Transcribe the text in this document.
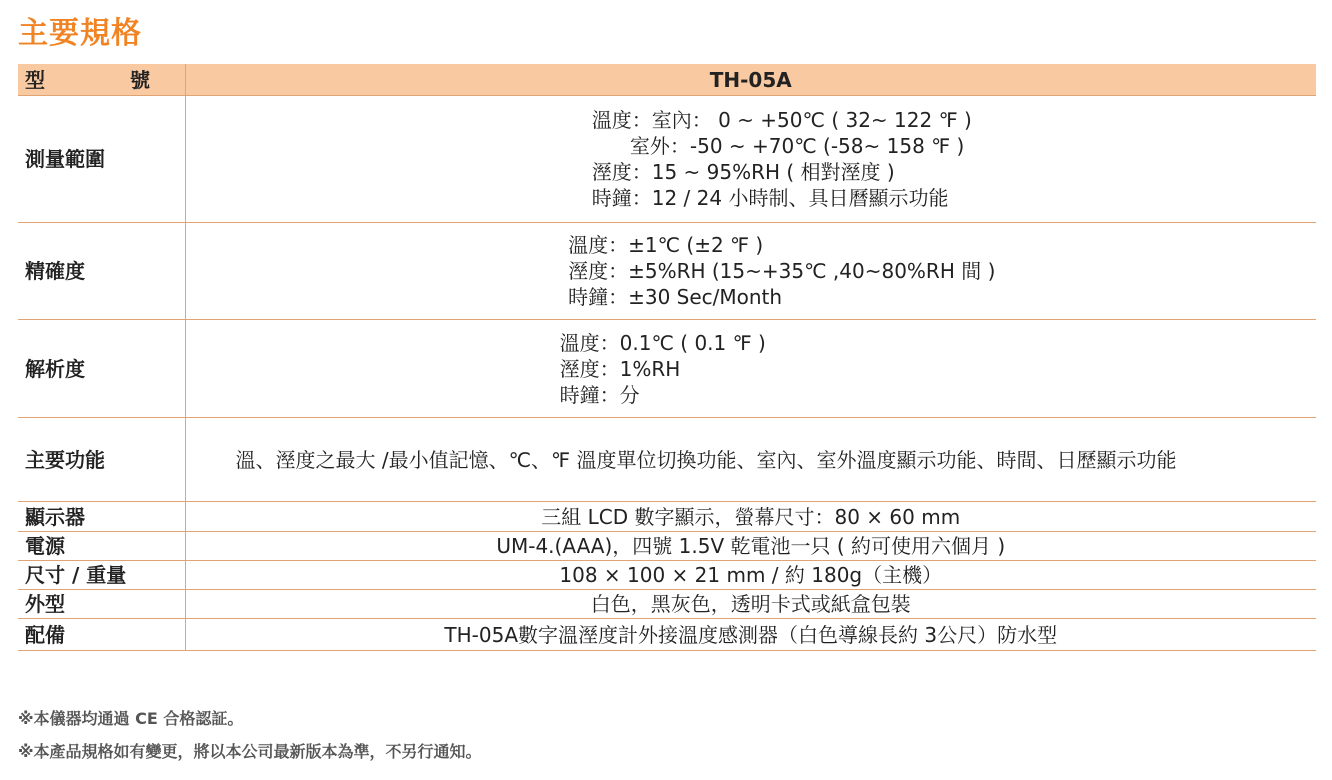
主要規格
型 號	TH-05A
測量範圍	溫度：室內： 0 ~ +50℃ ( 32~ 122 ℉ )
室外：-50 ~ +70℃ (-58~ 158 ℉ )
溼度：15 ~ 95%RH ( 相對溼度 )
時鐘：12 / 24 小時制、具日曆顯示功能

精確度	溫度：±1℃ (±2 ℉ )
溼度：±5%RH (15~+35℃ ,40~80%RH 間 )
時鐘：±30 Sec/Month

解析度	溫度：0.1℃ ( 0.1 ℉ )
溼度：1%RH
時鐘：分

主要功能	溫、溼度之最大 /最小值記憶、℃、℉ 溫度單位切換功能、室內、室外溫度顯示功能、時間、日歷顯示功能

顯示器	三組 LCD 數字顯示，螢幕尺寸：80 × 60 mm
電源	UM-4.(AAA)，四號 1.5V 乾電池一只 ( 約可使用六個月 )
尺寸 / 重量	108 × 100 × 21 mm / 約 180g（主機）
外型	白色，黑灰色，透明卡式或紙盒包裝
配備	TH-05A數字溫溼度計外接溫度感測器（白色導線長約 3公尺）防水型
※本儀器均通過 CE 合格認証。
※本產品規格如有變更，將以本公司最新版本為準，不另行通知。
